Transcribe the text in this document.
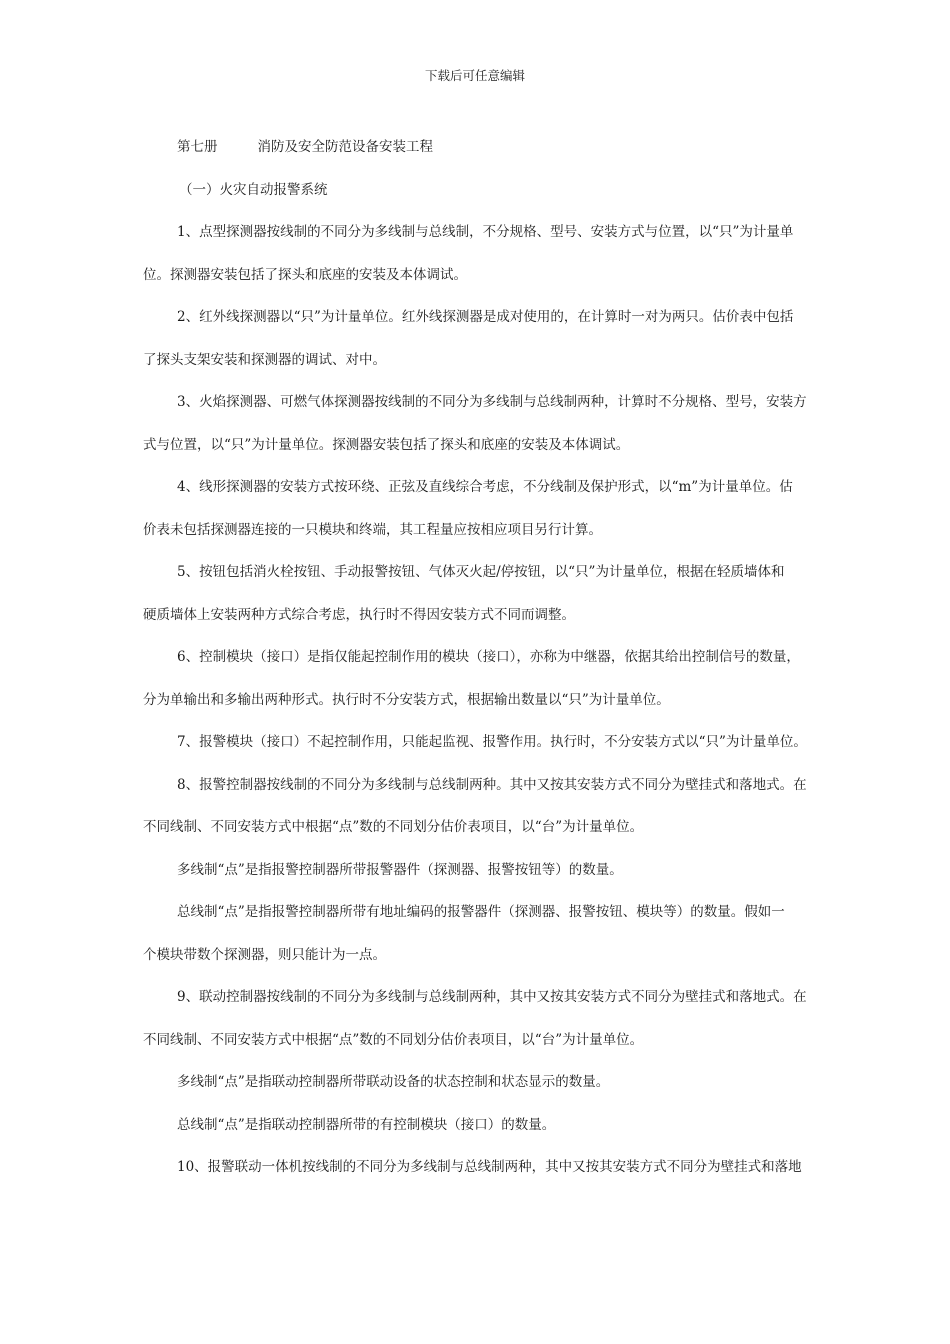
下载后可任意编辑
第七册	消防及安全防范设备安装工程
（一）火灾自动报警系统
1、点型探测器按线制的不同分为多线制与总线制，不分规格、型号、安装方式与位置，以“只”为计量单
位。探测器安装包括了探头和底座的安装及本体调试。
2、红外线探测器以“只”为计量单位。红外线探测器是成对使用的，在计算时一对为两只。估价表中包括
了探头支架安装和探测器的调试、对中。
3、火焰探测器、可燃气体探测器按线制的不同分为多线制与总线制两种，计算时不分规格、型号，安装方
式与位置，以“只”为计量单位。探测器安装包括了探头和底座的安装及本体调试。
4、线形探测器的安装方式按环绕、正弦及直线综合考虑，不分线制及保护形式，以“m”为计量单位。估
价表未包括探测器连接的一只模块和终端，其工程量应按相应项目另行计算。
5、按钮包括消火栓按钮、手动报警按钮、气体灭火起/停按钮，以“只”为计量单位，根据在轻质墙体和
硬质墙体上安装两种方式综合考虑，执行时不得因安装方式不同而调整。
6、控制模块（接口）是指仅能起控制作用的模块（接口），亦称为中继器，依据其给出控制信号的数量，
分为单输出和多输出两种形式。执行时不分安装方式，根据输出数量以“只”为计量单位。
7、报警模块（接口）不起控制作用，只能起监视、报警作用。执行时，不分安装方式以“只”为计量单位。
8、报警控制器按线制的不同分为多线制与总线制两种。其中又按其安装方式不同分为壁挂式和落地式。在
不同线制、不同安装方式中根据“点”数的不同划分估价表项目，以“台”为计量单位。
多线制“点”是指报警控制器所带报警器件（探测器、报警按钮等）的数量。
总线制“点”是指报警控制器所带有地址编码的报警器件（探测器、报警按钮、模块等）的数量。假如一
个模块带数个探测器，则只能计为一点。
9、联动控制器按线制的不同分为多线制与总线制两种，其中又按其安装方式不同分为壁挂式和落地式。在
不同线制、不同安装方式中根据“点”数的不同划分估价表项目，以“台”为计量单位。
多线制“点”是指联动控制器所带联动设备的状态控制和状态显示的数量。
总线制“点”是指联动控制器所带的有控制模块（接口）的数量。
10、报警联动一体机按线制的不同分为多线制与总线制两种，其中又按其安装方式不同分为壁挂式和落地
